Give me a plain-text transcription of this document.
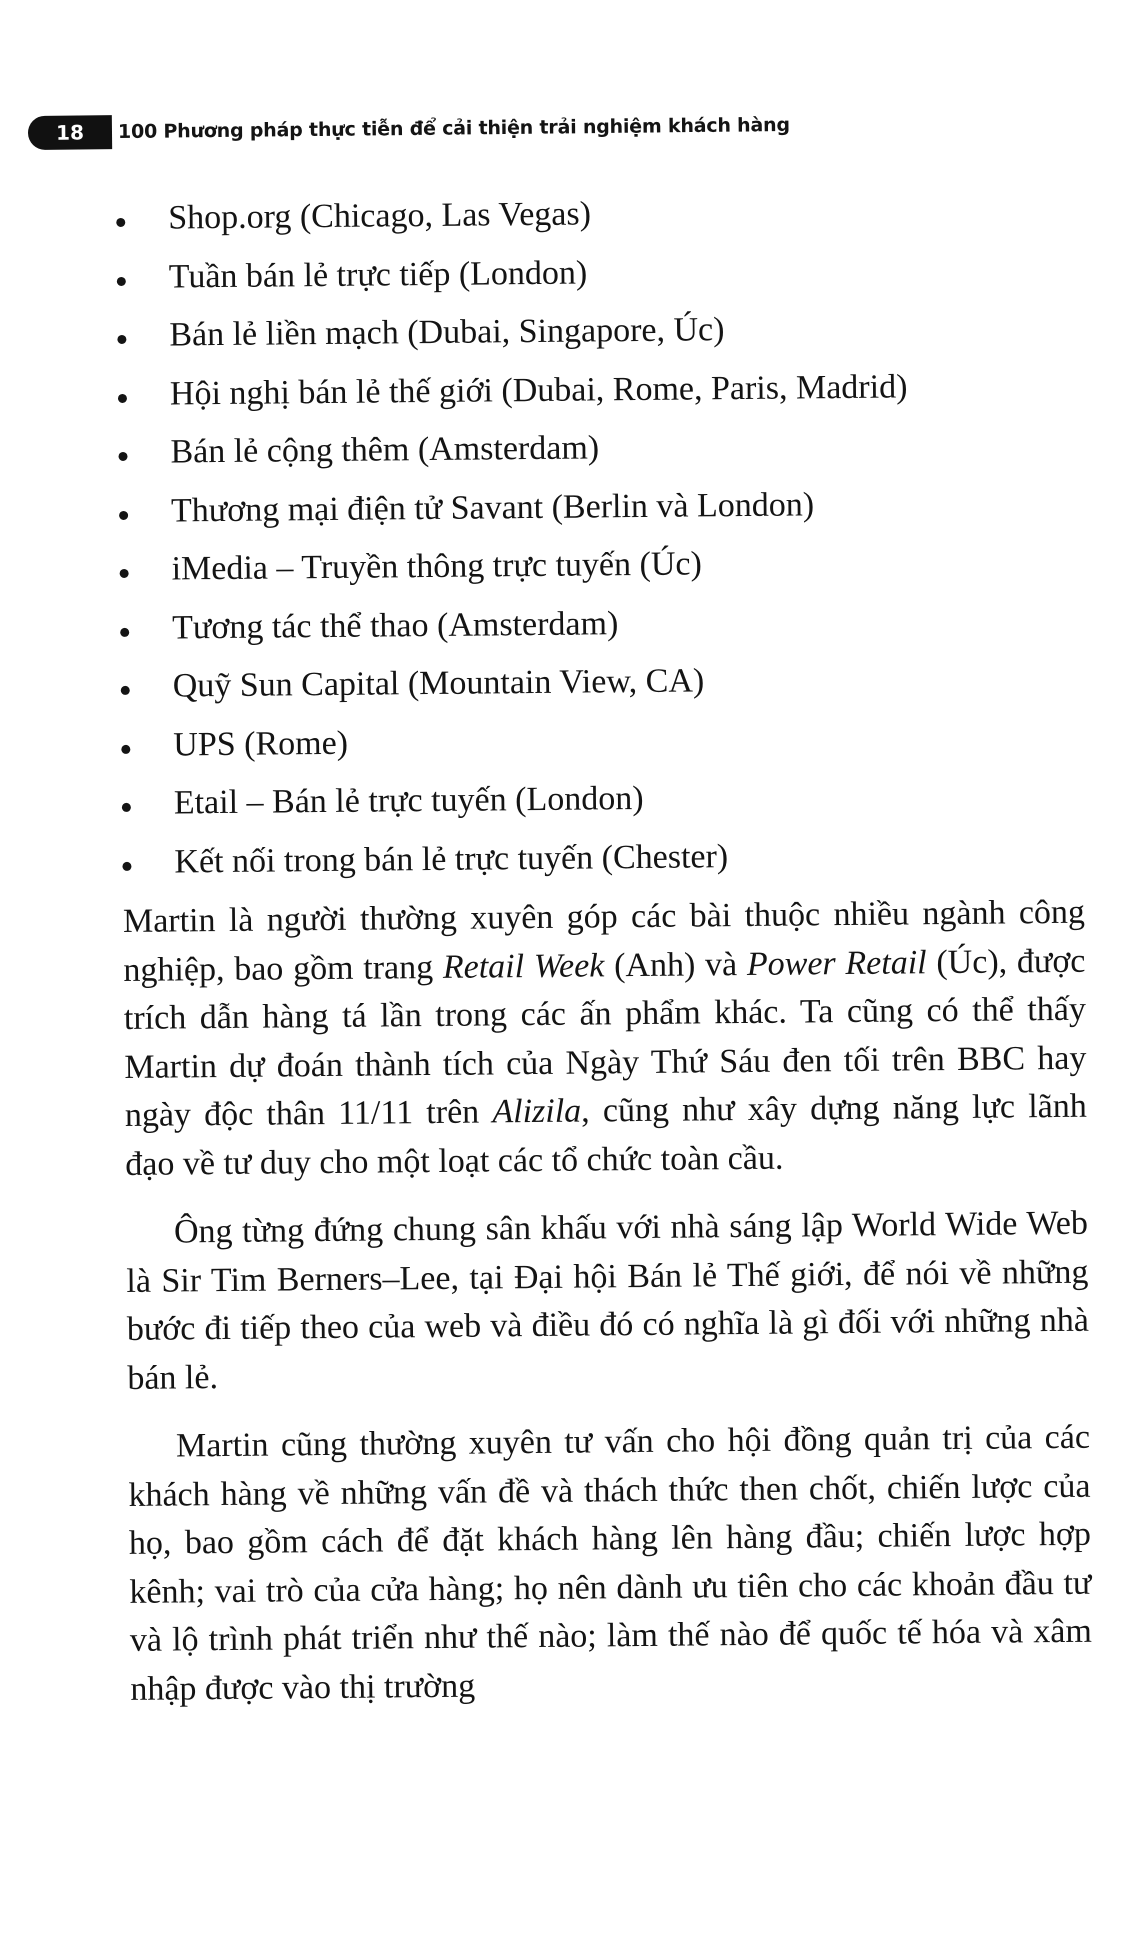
18	100 Phương pháp thực tiễn để cải thiện trải nghiệm khách hàng
Shop.org (Chicago, Las Vegas)
Tuần bán lẻ trực tiếp (London)
Bán lẻ liền mạch (Dubai, Singapore, Úc)
Hội nghị bán lẻ thế giới (Dubai, Rome, Paris, Madrid)
Bán lẻ cộng thêm (Amsterdam)
Thương mại điện tử Savant (Berlin và London)
iMedia – Truyền thông trực tuyến (Úc)
Tương tác thể thao (Amsterdam)
Quỹ Sun Capital (Mountain View, CA)
UPS (Rome)
Etail – Bán lẻ trực tuyến (London)
Kết nối trong bán lẻ trực tuyến (Chester)

Martin là người thường xuyên góp các bài thuộc nhiều ngành công nghiệp, bao gồm trang Retail Week (Anh) và Power Retail (Úc), được trích dẫn hàng tá lần trong các ấn phẩm khác. Ta cũng có thể thấy Martin dự đoán thành tích của Ngày Thứ Sáu đen tối trên BBC hay ngày độc thân 11/11 trên Alizila, cũng như xây dựng năng lực lãnh đạo về tư duy cho một loạt các tổ chức toàn cầu.

Ông từng đứng chung sân khấu với nhà sáng lập World Wide Web là Sir Tim Berners–Lee, tại Đại hội Bán lẻ Thế giới, để nói về những bước đi tiếp theo của web và điều đó có nghĩa là gì đối với những nhà bán lẻ.

Martin cũng thường xuyên tư vấn cho hội đồng quản trị của các khách hàng về những vấn đề và thách thức then chốt, chiến lược của họ, bao gồm cách để đặt khách hàng lên hàng đầu; chiến lược hợp kênh; vai trò của cửa hàng; họ nên dành ưu tiên cho các khoản đầu tư và lộ trình phát triển như thế nào; làm thế nào để quốc tế hóa và xâm nhập được vào thị trường
